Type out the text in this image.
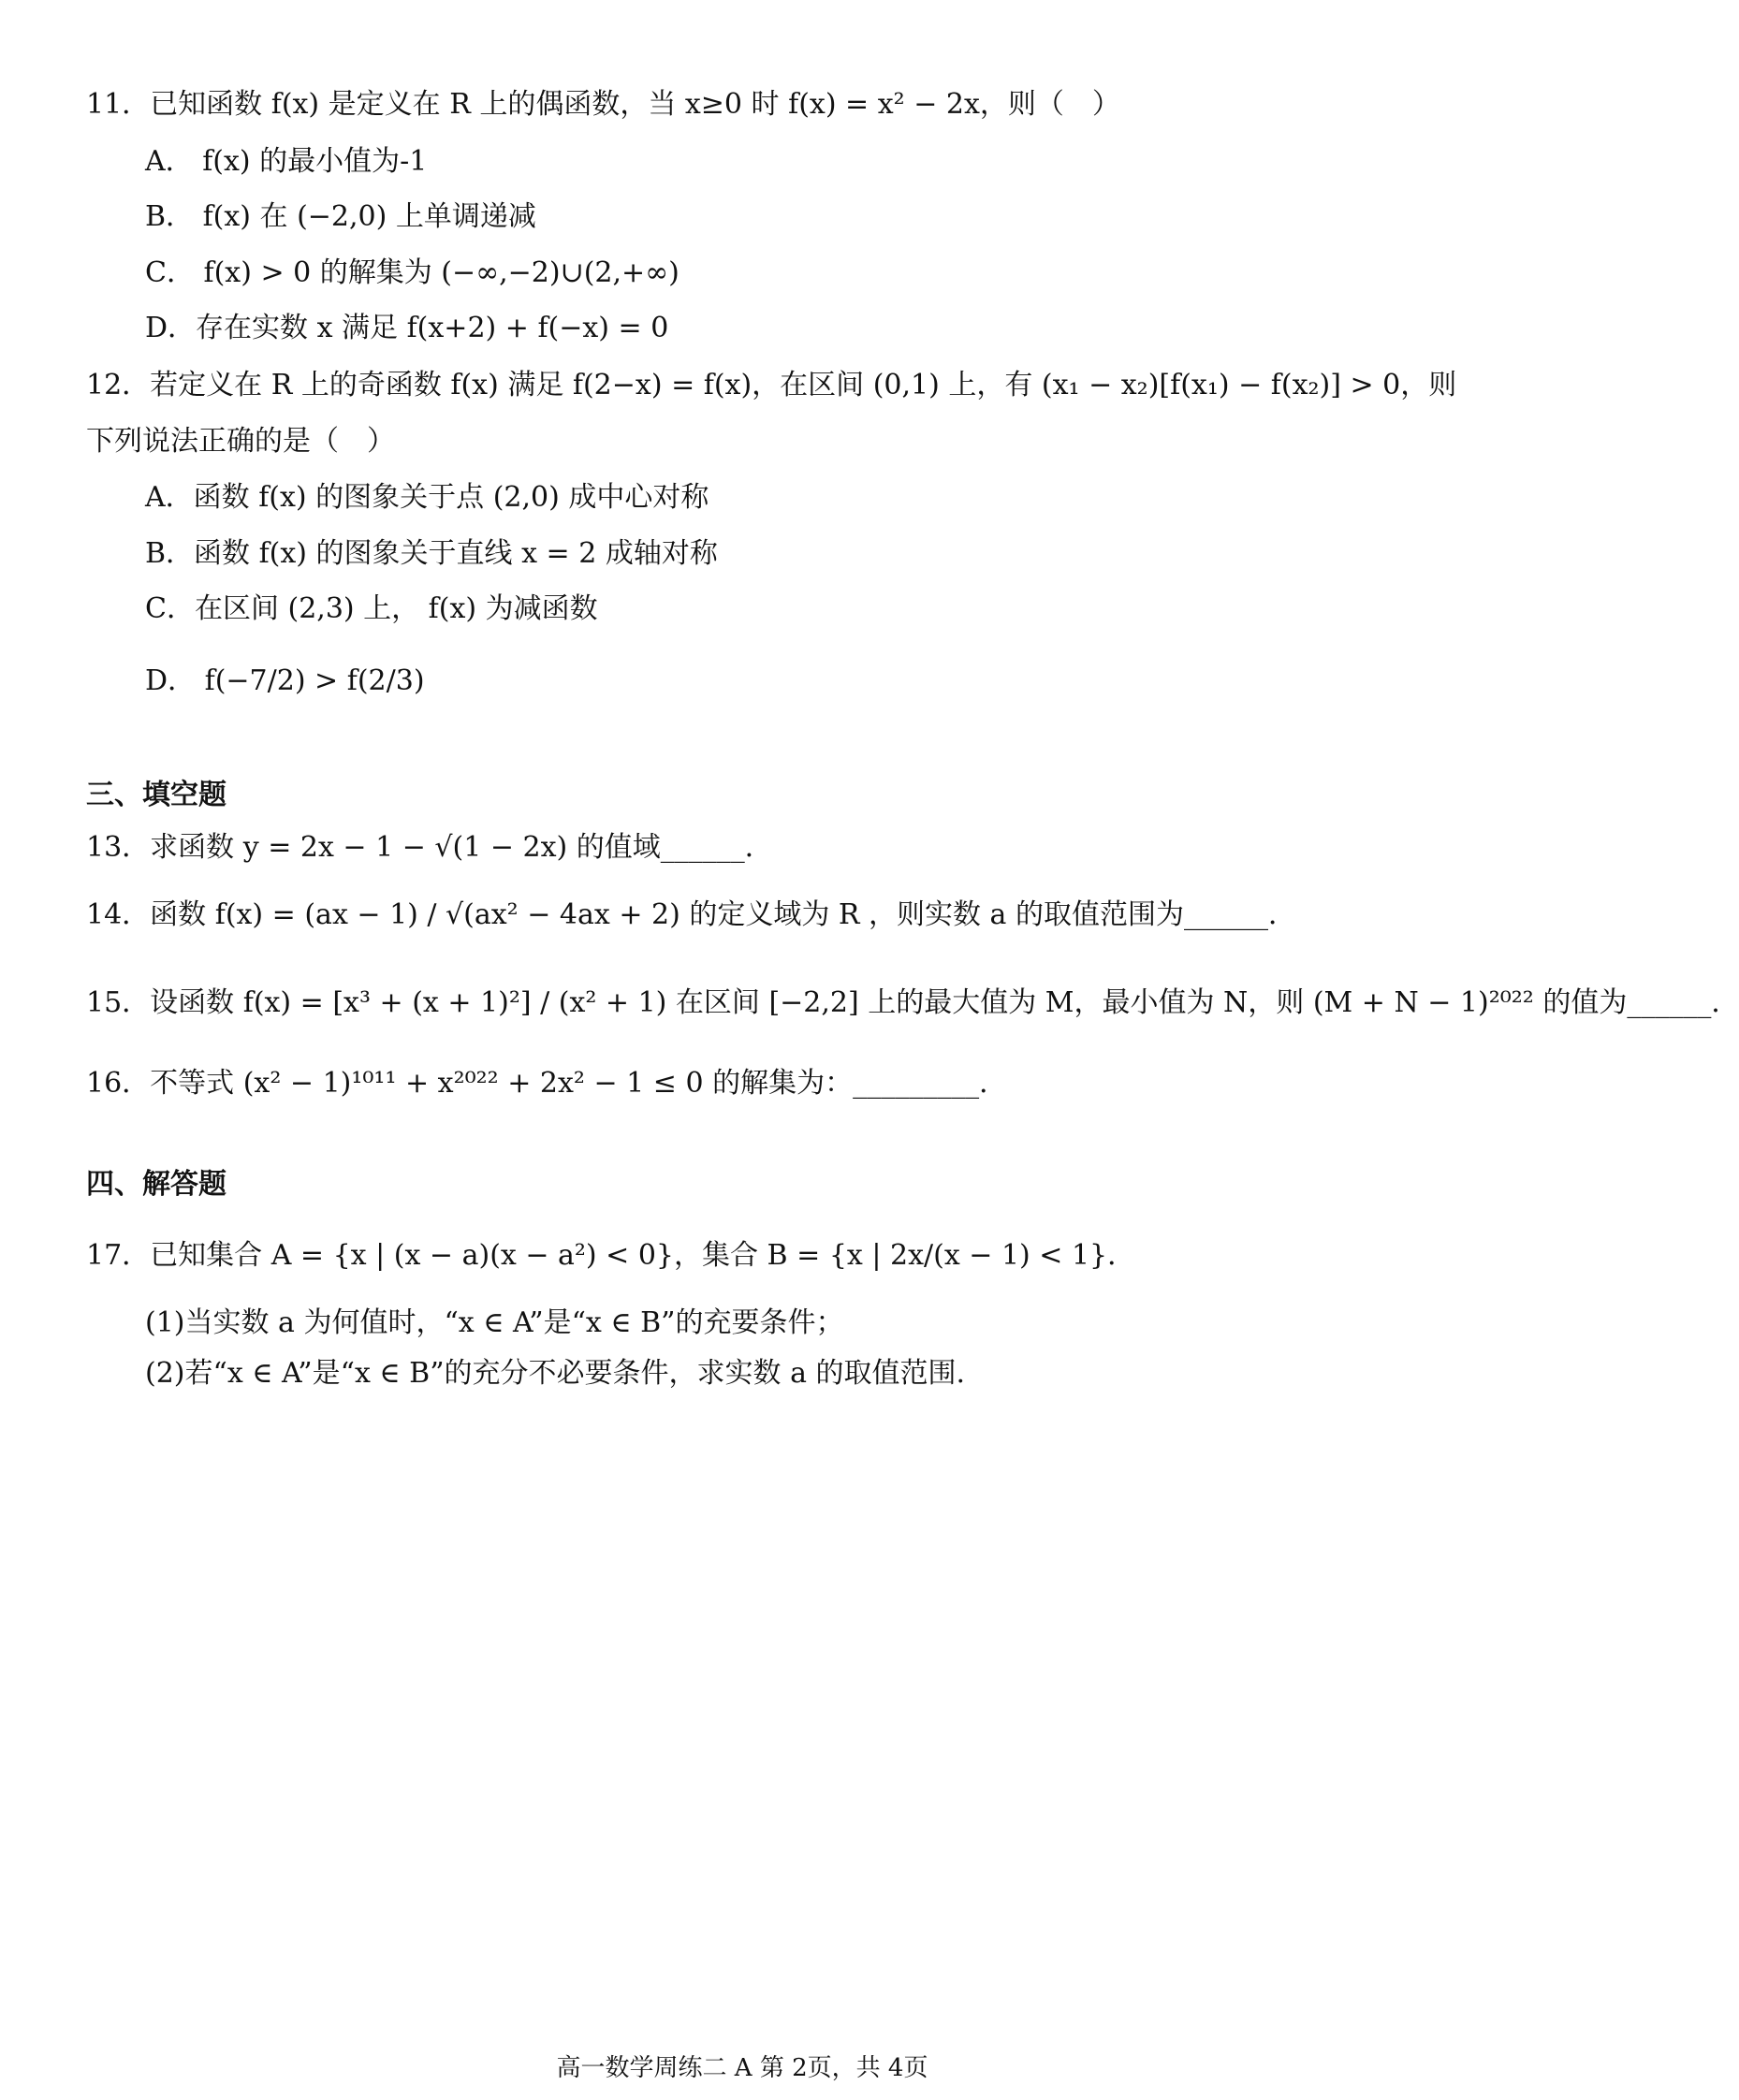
11．已知函数 f(x) 是定义在 R 上的偶函数，当 x≥0 时 f(x) = x² − 2x，则（　）
A． f(x) 的最小值为-1
B． f(x) 在 (−2,0) 上单调递减
C． f(x) > 0 的解集为 (−∞,−2)∪(2,+∞)
D．存在实数 x 满足 f(x+2) + f(−x) = 0
12．若定义在 R 上的奇函数 f(x) 满足 f(2−x) = f(x)，在区间 (0,1) 上，有 (x₁ − x₂)[f(x₁) − f(x₂)] > 0，则
下列说法正确的是（　）
A．函数 f(x) 的图象关于点 (2,0) 成中心对称
B．函数 f(x) 的图象关于直线 x = 2 成轴对称
C．在区间 (2,3) 上， f(x) 为减函数
D． f(−7/2) > f(2/3)
三、填空题
13．求函数 y = 2x − 1 − √(1 − 2x) 的值域______．
14．函数 f(x) = (ax − 1) / √(ax² − 4ax + 2) 的定义域为 R ，则实数 a 的取值范围为______．
15．设函数 f(x) = [x³ + (x + 1)²] / (x² + 1) 在区间 [−2,2] 上的最大值为 M，最小值为 N，则 (M + N − 1)²⁰²² 的值为______．
16．不等式 (x² − 1)¹⁰¹¹ + x²⁰²² + 2x² − 1 ≤ 0 的解集为：_________．
四、解答题
17．已知集合 A = {x | (x − a)(x − a²) < 0}，集合 B = {x | 2x/(x − 1) < 1}．
(1)当实数 a 为何值时，“x ∈ A”是“x ∈ B”的充要条件；
(2)若“x ∈ A”是“x ∈ B”的充分不必要条件，求实数 a 的取值范围.
高一数学周练二 A 第 2页，共 4页
